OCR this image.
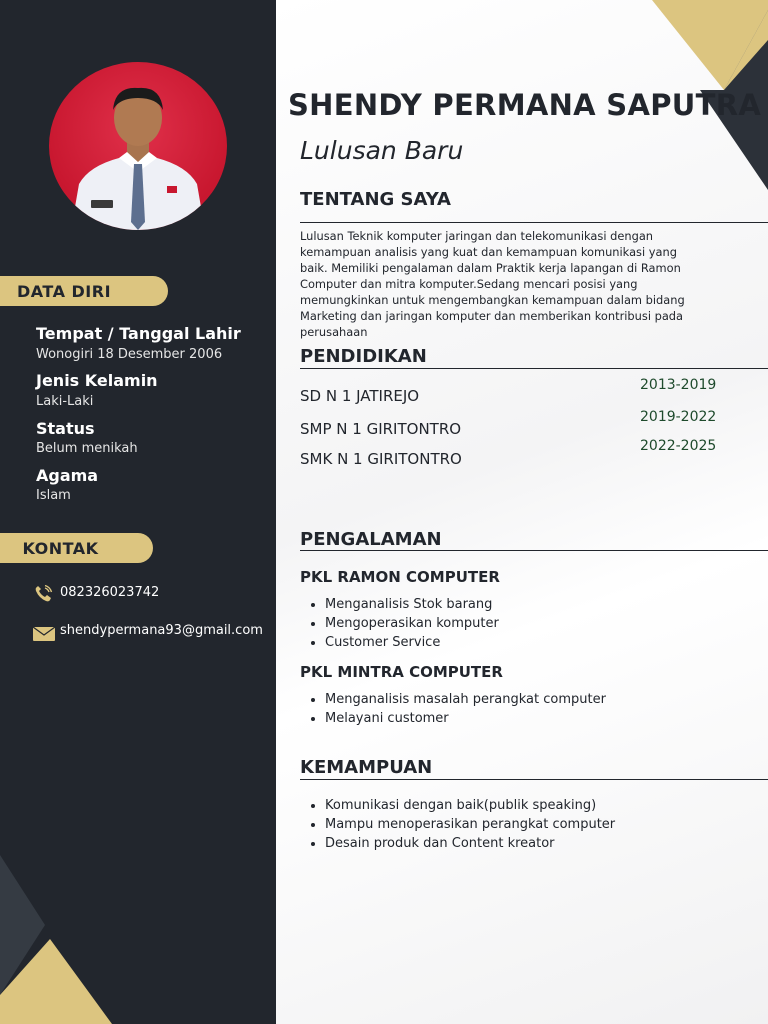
DATA DIRI
Tempat / Tanggal Lahir
Wonogiri 18 Desember 2006
Jenis Kelamin
Laki-Laki
Status
Belum menikah
Agama
Islam
KONTAK
082326023742
shendypermana93@gmail.com
SHENDY PERMANA SAPUTRA
Lulusan Baru
TENTANG SAYA
Lulusan Teknik komputer jaringan dan telekomunikasi dengan kemampuan analisis yang kuat dan kemampuan komunikasi yang baik. Memiliki pengalaman dalam Praktik kerja lapangan di Ramon Computer dan mitra komputer.Sedang mencari posisi yang memungkinkan untuk mengembangkan kemampuan dalam bidang Marketing dan jaringan komputer dan memberikan kontribusi pada perusahaan
PENDIDIKAN
SD N 1 JATIREJO
SMP N 1 GIRITONTRO
SMK N 1 GIRITONTRO
2013-2019
2019-2022
2022-2025
PENGALAMAN
PKL RAMON COMPUTER
• Menganalisis Stok barang
• Mengoperasikan komputer
• Customer Service
PKL MINTRA COMPUTER
• Menganalisis masalah perangkat computer
• Melayani customer
KEMAMPUAN
• Komunikasi dengan baik(publik speaking)
• Mampu menoperasikan perangkat computer
• Desain produk dan Content kreator
